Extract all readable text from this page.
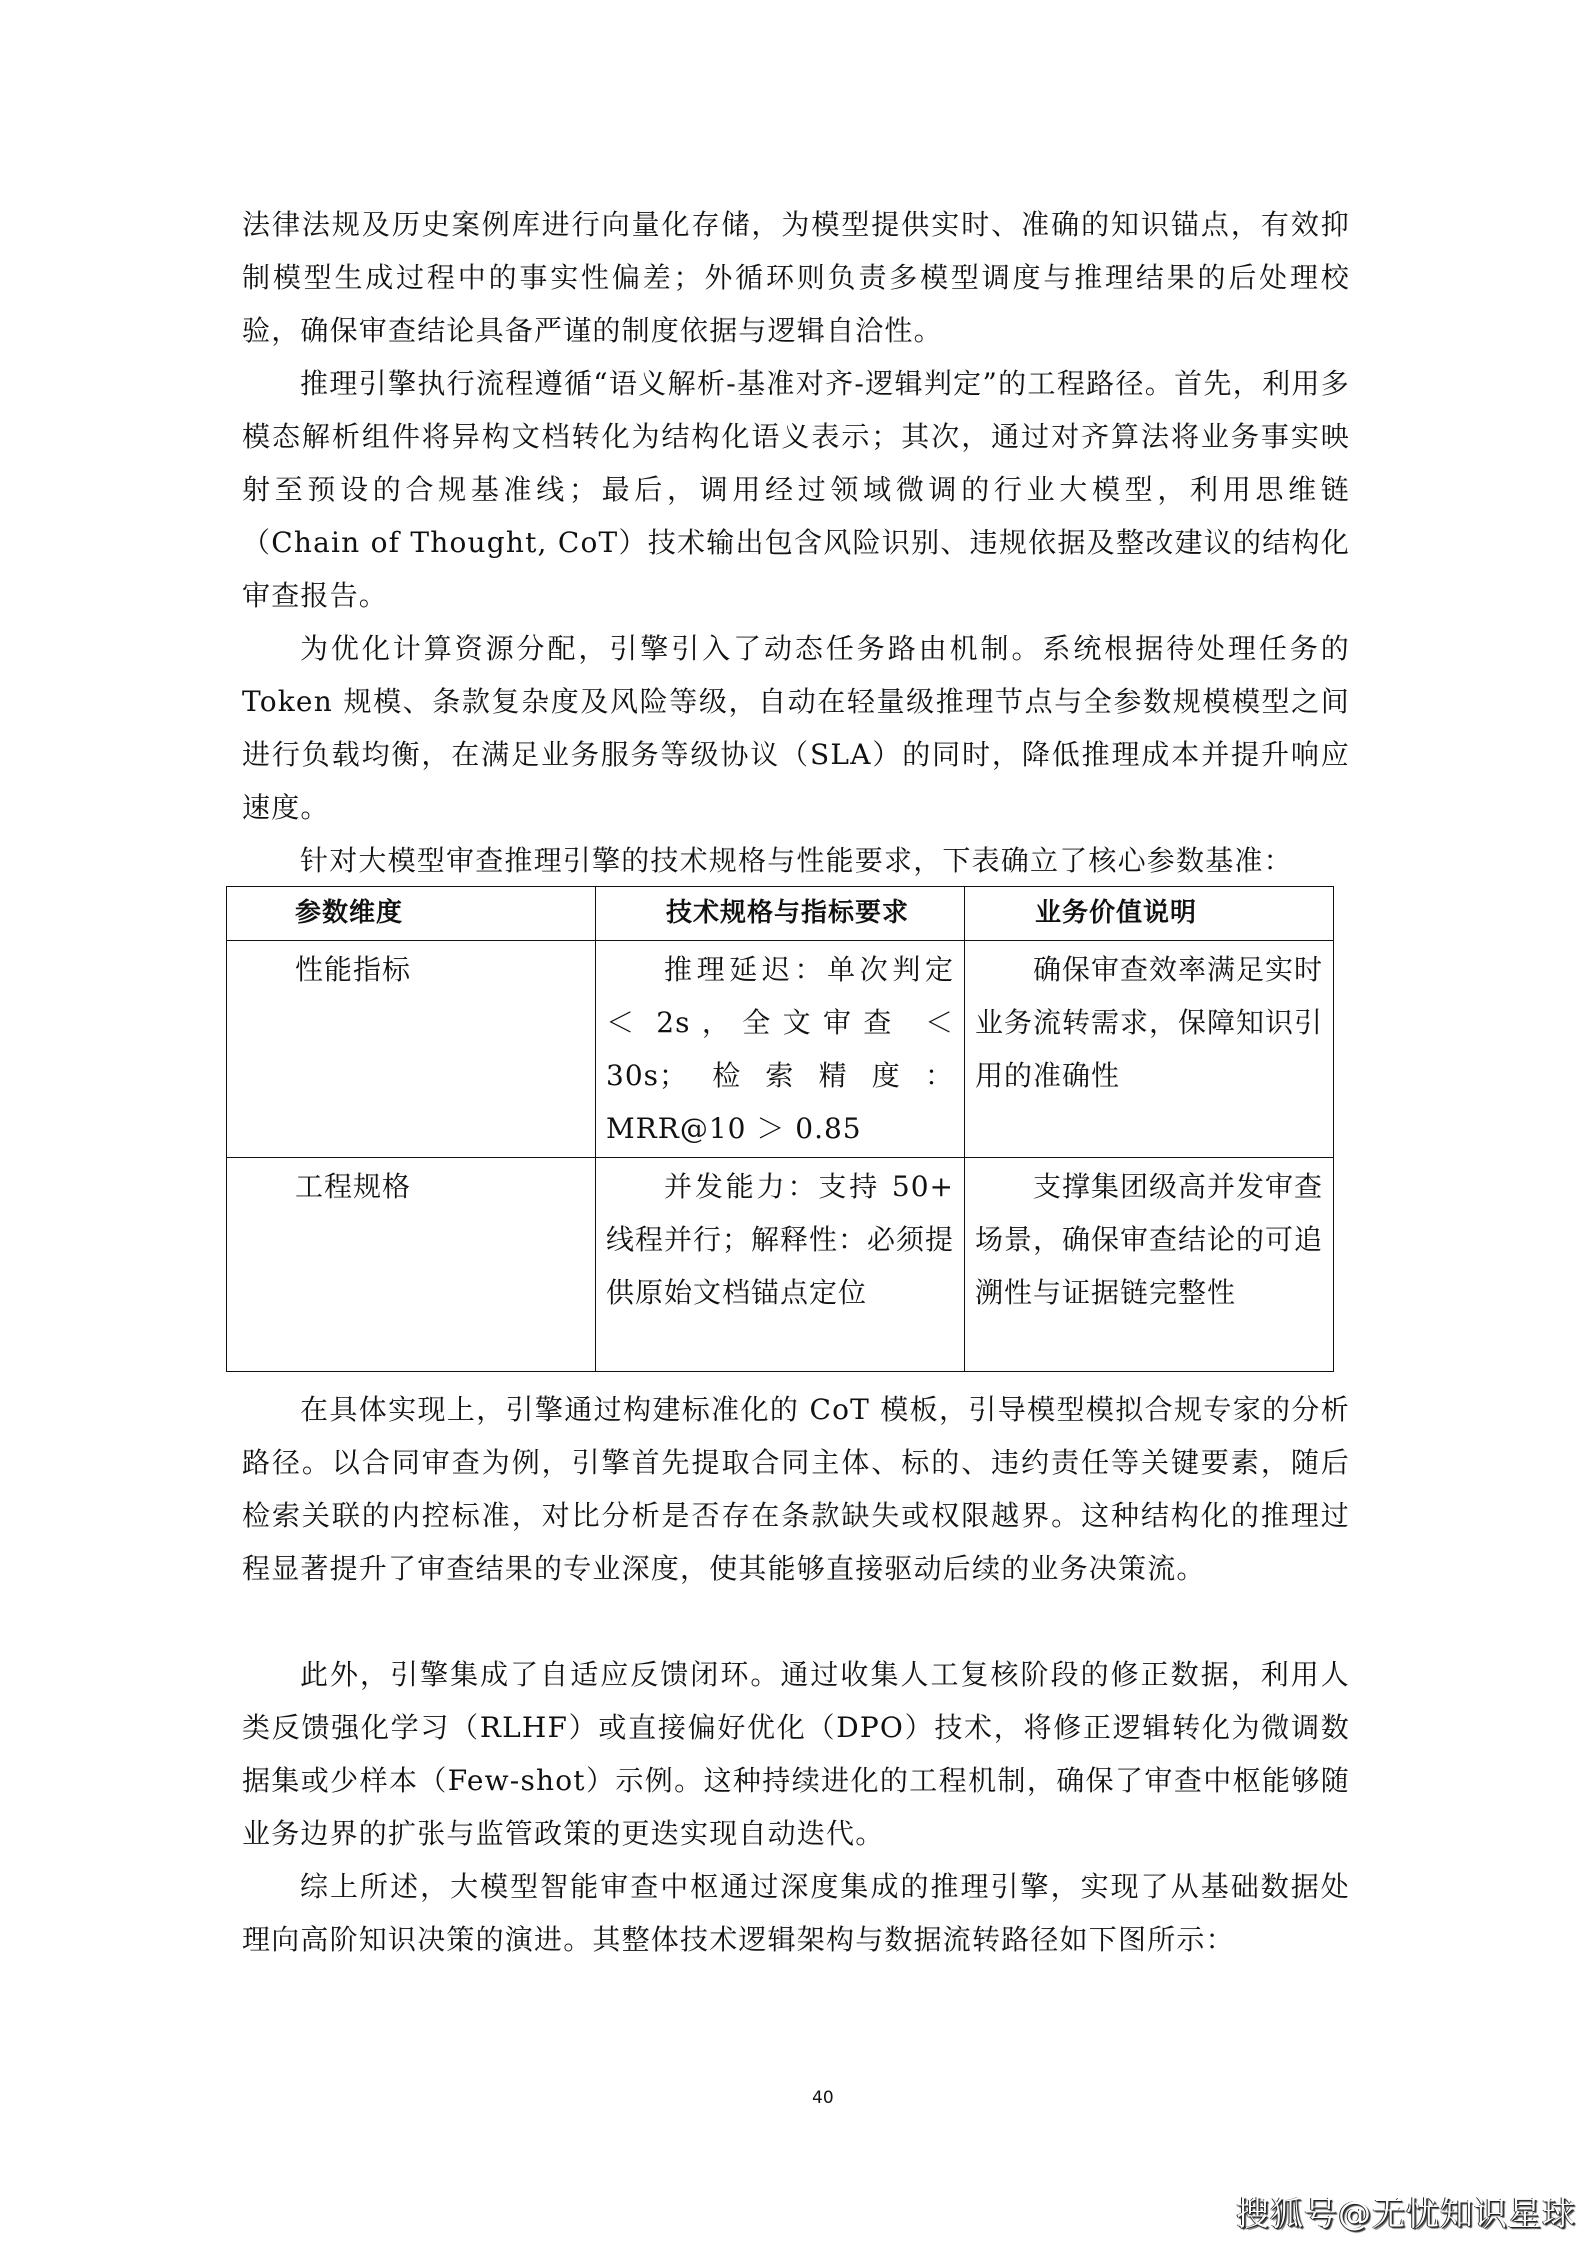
法律法规及历史案例库进行向量化存储，为模型提供实时、准确的知识锚点，有效抑制模型生成过程中的事实性偏差；外循环则负责多模型调度与推理结果的后处理校验，确保审查结论具备严谨的制度依据与逻辑自洽性。

推理引擎执行流程遵循“语义解析-基准对齐-逻辑判定”的工程路径。首先，利用多模态解析组件将异构文档转化为结构化语义表示；其次，通过对齐算法将业务事实映射至预设的合规基准线；最后，调用经过领域微调的行业大模型，利用思维链（Chain of Thought, CoT）技术输出包含风险识别、违规依据及整改建议的结构化审查报告。

为优化计算资源分配，引擎引入了动态任务路由机制。系统根据待处理任务的 Token 规模、条款复杂度及风险等级，自动在轻量级推理节点与全参数规模模型之间进行负载均衡，在满足业务服务等级协议（SLA）的同时，降低推理成本并提升响应速度。

针对大模型审查推理引擎的技术规格与性能要求，下表确立了核心参数基准：

参数维度	技术规格与指标要求	业务价值说明
性能指标	推理延迟：单次判定 ＜ 2s，全文审查 ＜ 30s；检索精度：MRR@10 ＞ 0.85	确保审查效率满足实时业务流转需求，保障知识引用的准确性
工程规格	并发能力：支持 50+ 线程并行；解释性：必须提供原始文档锚点定位	支撑集团级高并发审查场景，确保审查结论的可追溯性与证据链完整性

在具体实现上，引擎通过构建标准化的 CoT 模板，引导模型模拟合规专家的分析路径。以合同审查为例，引擎首先提取合同主体、标的、违约责任等关键要素，随后检索关联的内控标准，对比分析是否存在条款缺失或权限越界。这种结构化的推理过程显著提升了审查结果的专业深度，使其能够直接驱动后续的业务决策流。

此外，引擎集成了自适应反馈闭环。通过收集人工复核阶段的修正数据，利用人类反馈强化学习（RLHF）或直接偏好优化（DPO）技术，将修正逻辑转化为微调数据集或少样本（Few-shot）示例。这种持续进化的工程机制，确保了审查中枢能够随业务边界的扩张与监管政策的更迭实现自动迭代。

综上所述，大模型智能审查中枢通过深度集成的推理引擎，实现了从基础数据处理向高阶知识决策的演进。其整体技术逻辑架构与数据流转路径如下图所示：

40
搜狐号@无忧知识星球
